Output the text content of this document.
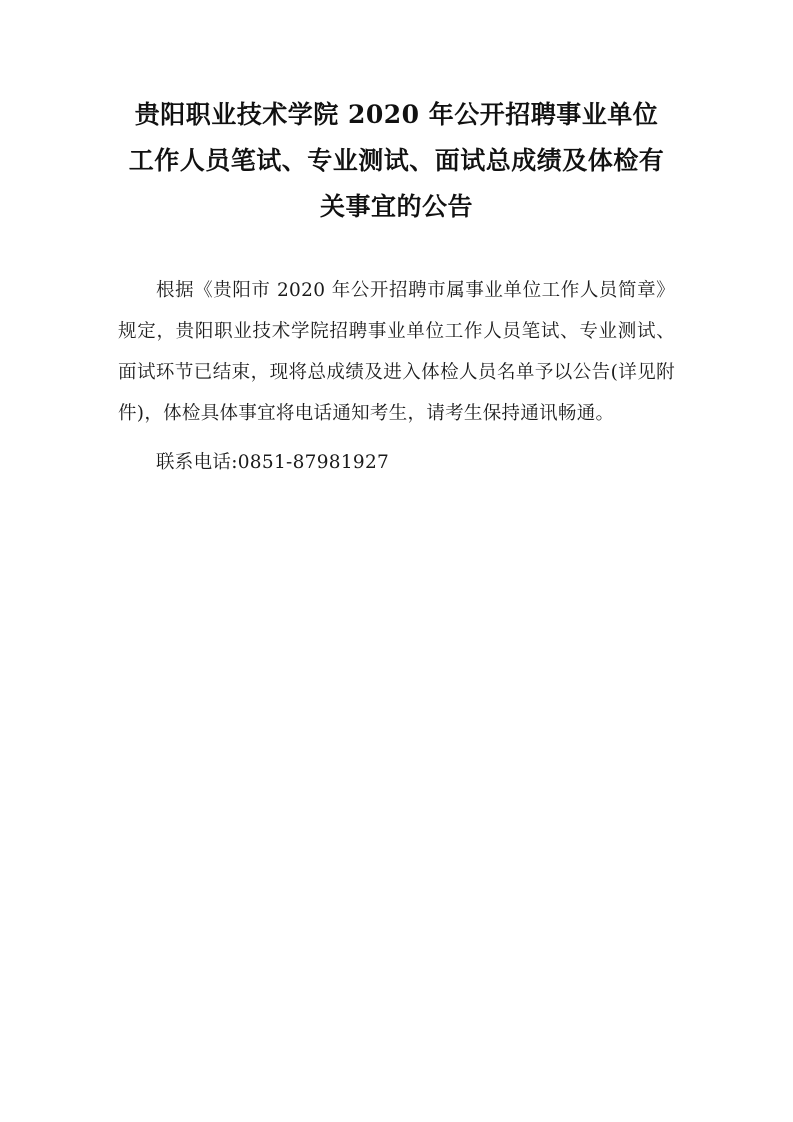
贵阳职业技术学院 2020 年公开招聘事业单位工作人员笔试、专业测试、面试总成绩及体检有关事宜的公告

根据《贵阳市 2020 年公开招聘市属事业单位工作人员简章》规定，贵阳职业技术学院招聘事业单位工作人员笔试、专业测试、面试环节已结束，现将总成绩及进入体检人员名单予以公告(详见附件)，体检具体事宜将电话通知考生，请考生保持通讯畅通。

联系电话:0851-87981927
